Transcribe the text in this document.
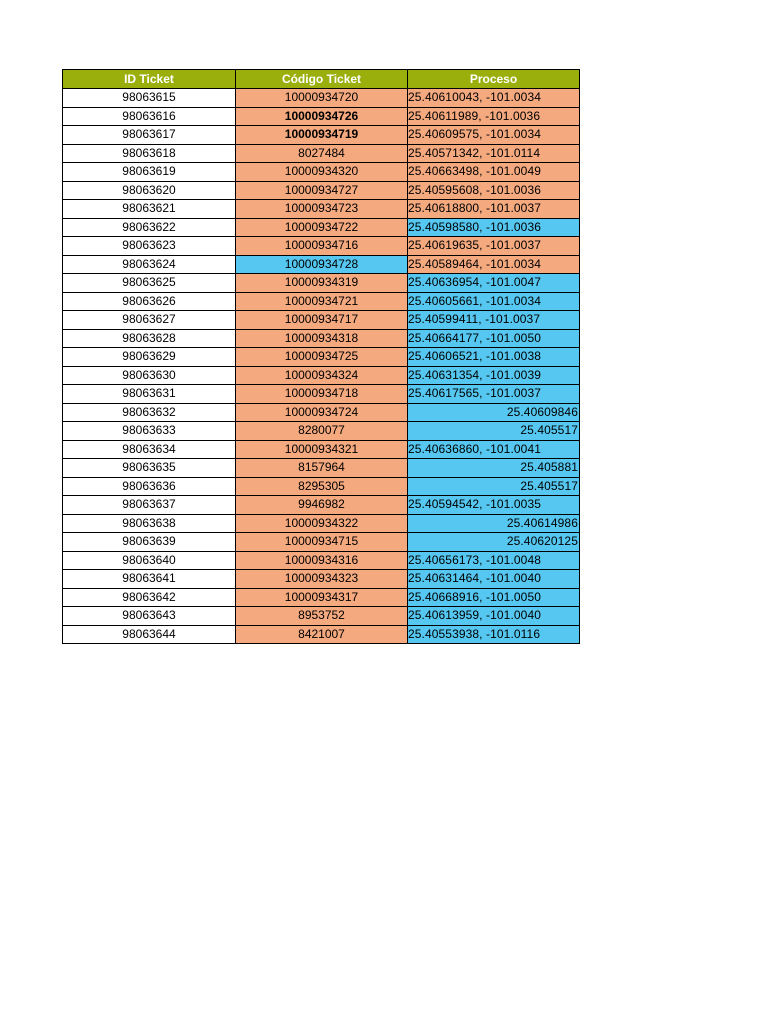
ID Ticket	Código Ticket	Proceso
98063615	10000934720	25.40610043, -101.0034
98063616	10000934726	25.40611989, -101.0036
98063617	10000934719	25.40609575, -101.0034
98063618	8027484	25.40571342, -101.0114
98063619	10000934320	25.40663498, -101.0049
98063620	10000934727	25.40595608, -101.0036
98063621	10000934723	25.40618800, -101.0037
98063622	10000934722	25.40598580, -101.0036
98063623	10000934716	25.40619635, -101.0037
98063624	10000934728	25.40589464, -101.0034
98063625	10000934319	25.40636954, -101.0047
98063626	10000934721	25.40605661, -101.0034
98063627	10000934717	25.40599411, -101.0037
98063628	10000934318	25.40664177, -101.0050
98063629	10000934725	25.40606521, -101.0038
98063630	10000934324	25.40631354, -101.0039
98063631	10000934718	25.40617565, -101.0037
98063632	10000934724	25.40609846
98063633	8280077	25.405517
98063634	10000934321	25.40636860, -101.0041
98063635	8157964	25.405881
98063636	8295305	25.405517
98063637	9946982	25.40594542, -101.0035
98063638	10000934322	25.40614986
98063639	10000934715	25.40620125
98063640	10000934316	25.40656173, -101.0048
98063641	10000934323	25.40631464, -101.0040
98063642	10000934317	25.40668916, -101.0050
98063643	8953752	25.40613959, -101.0040
98063644	8421007	25.40553938, -101.0116
